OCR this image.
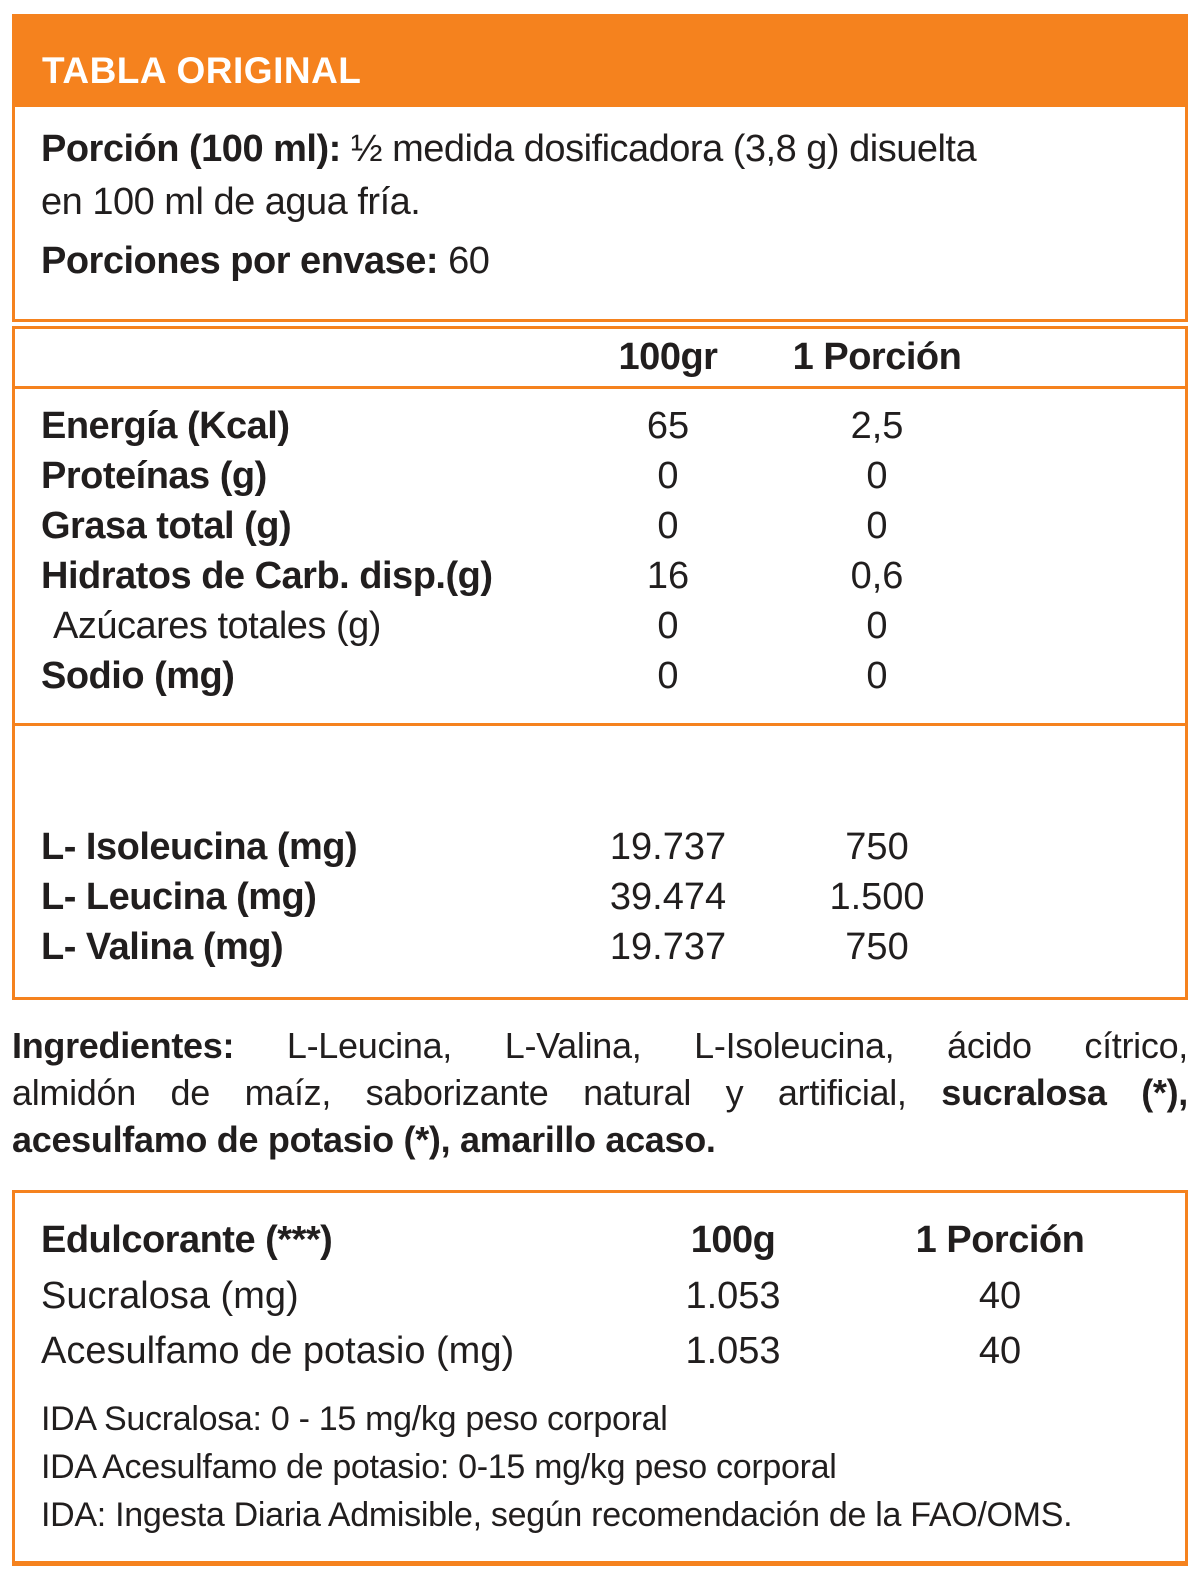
TABLA ORIGINAL

Porción (100 ml): ½ medida dosificadora (3,8 g) disuelta

en 100 ml de agua fría.

Porciones por envase: 60

100gr 1 Porción
Energía (Kcal)	65	2,5
Proteínas (g)	0	0
Grasa total (g)	0	0
Hidratos de Carb. disp.(g)	16	0,6
Azúcares totales (g)	0	0
Sodio (mg)	0	0
L- Isoleucina (mg)	19.737	750
L- Leucina (mg)	39.474	1.500
L- Valina (mg)	19.737	750
Ingredientes: L-Leucina, L-Valina, L-Isoleucina, ácido cítrico,
almidón de maíz, saborizante natural y artificial, sucralosa (*),
acesulfamo de potasio (*), amarillo acaso.
Edulcorante (***)	100g	1 Porción
Sucralosa (mg)	1.053	40
Acesulfamo de potasio (mg)	1.053	40
IDA Sucralosa: 0 - 15 mg/kg peso corporal
IDA Acesulfamo de potasio: 0-15 mg/kg peso corporal
IDA: Ingesta Diaria Admisible, según recomendación de la FAO/OMS.
